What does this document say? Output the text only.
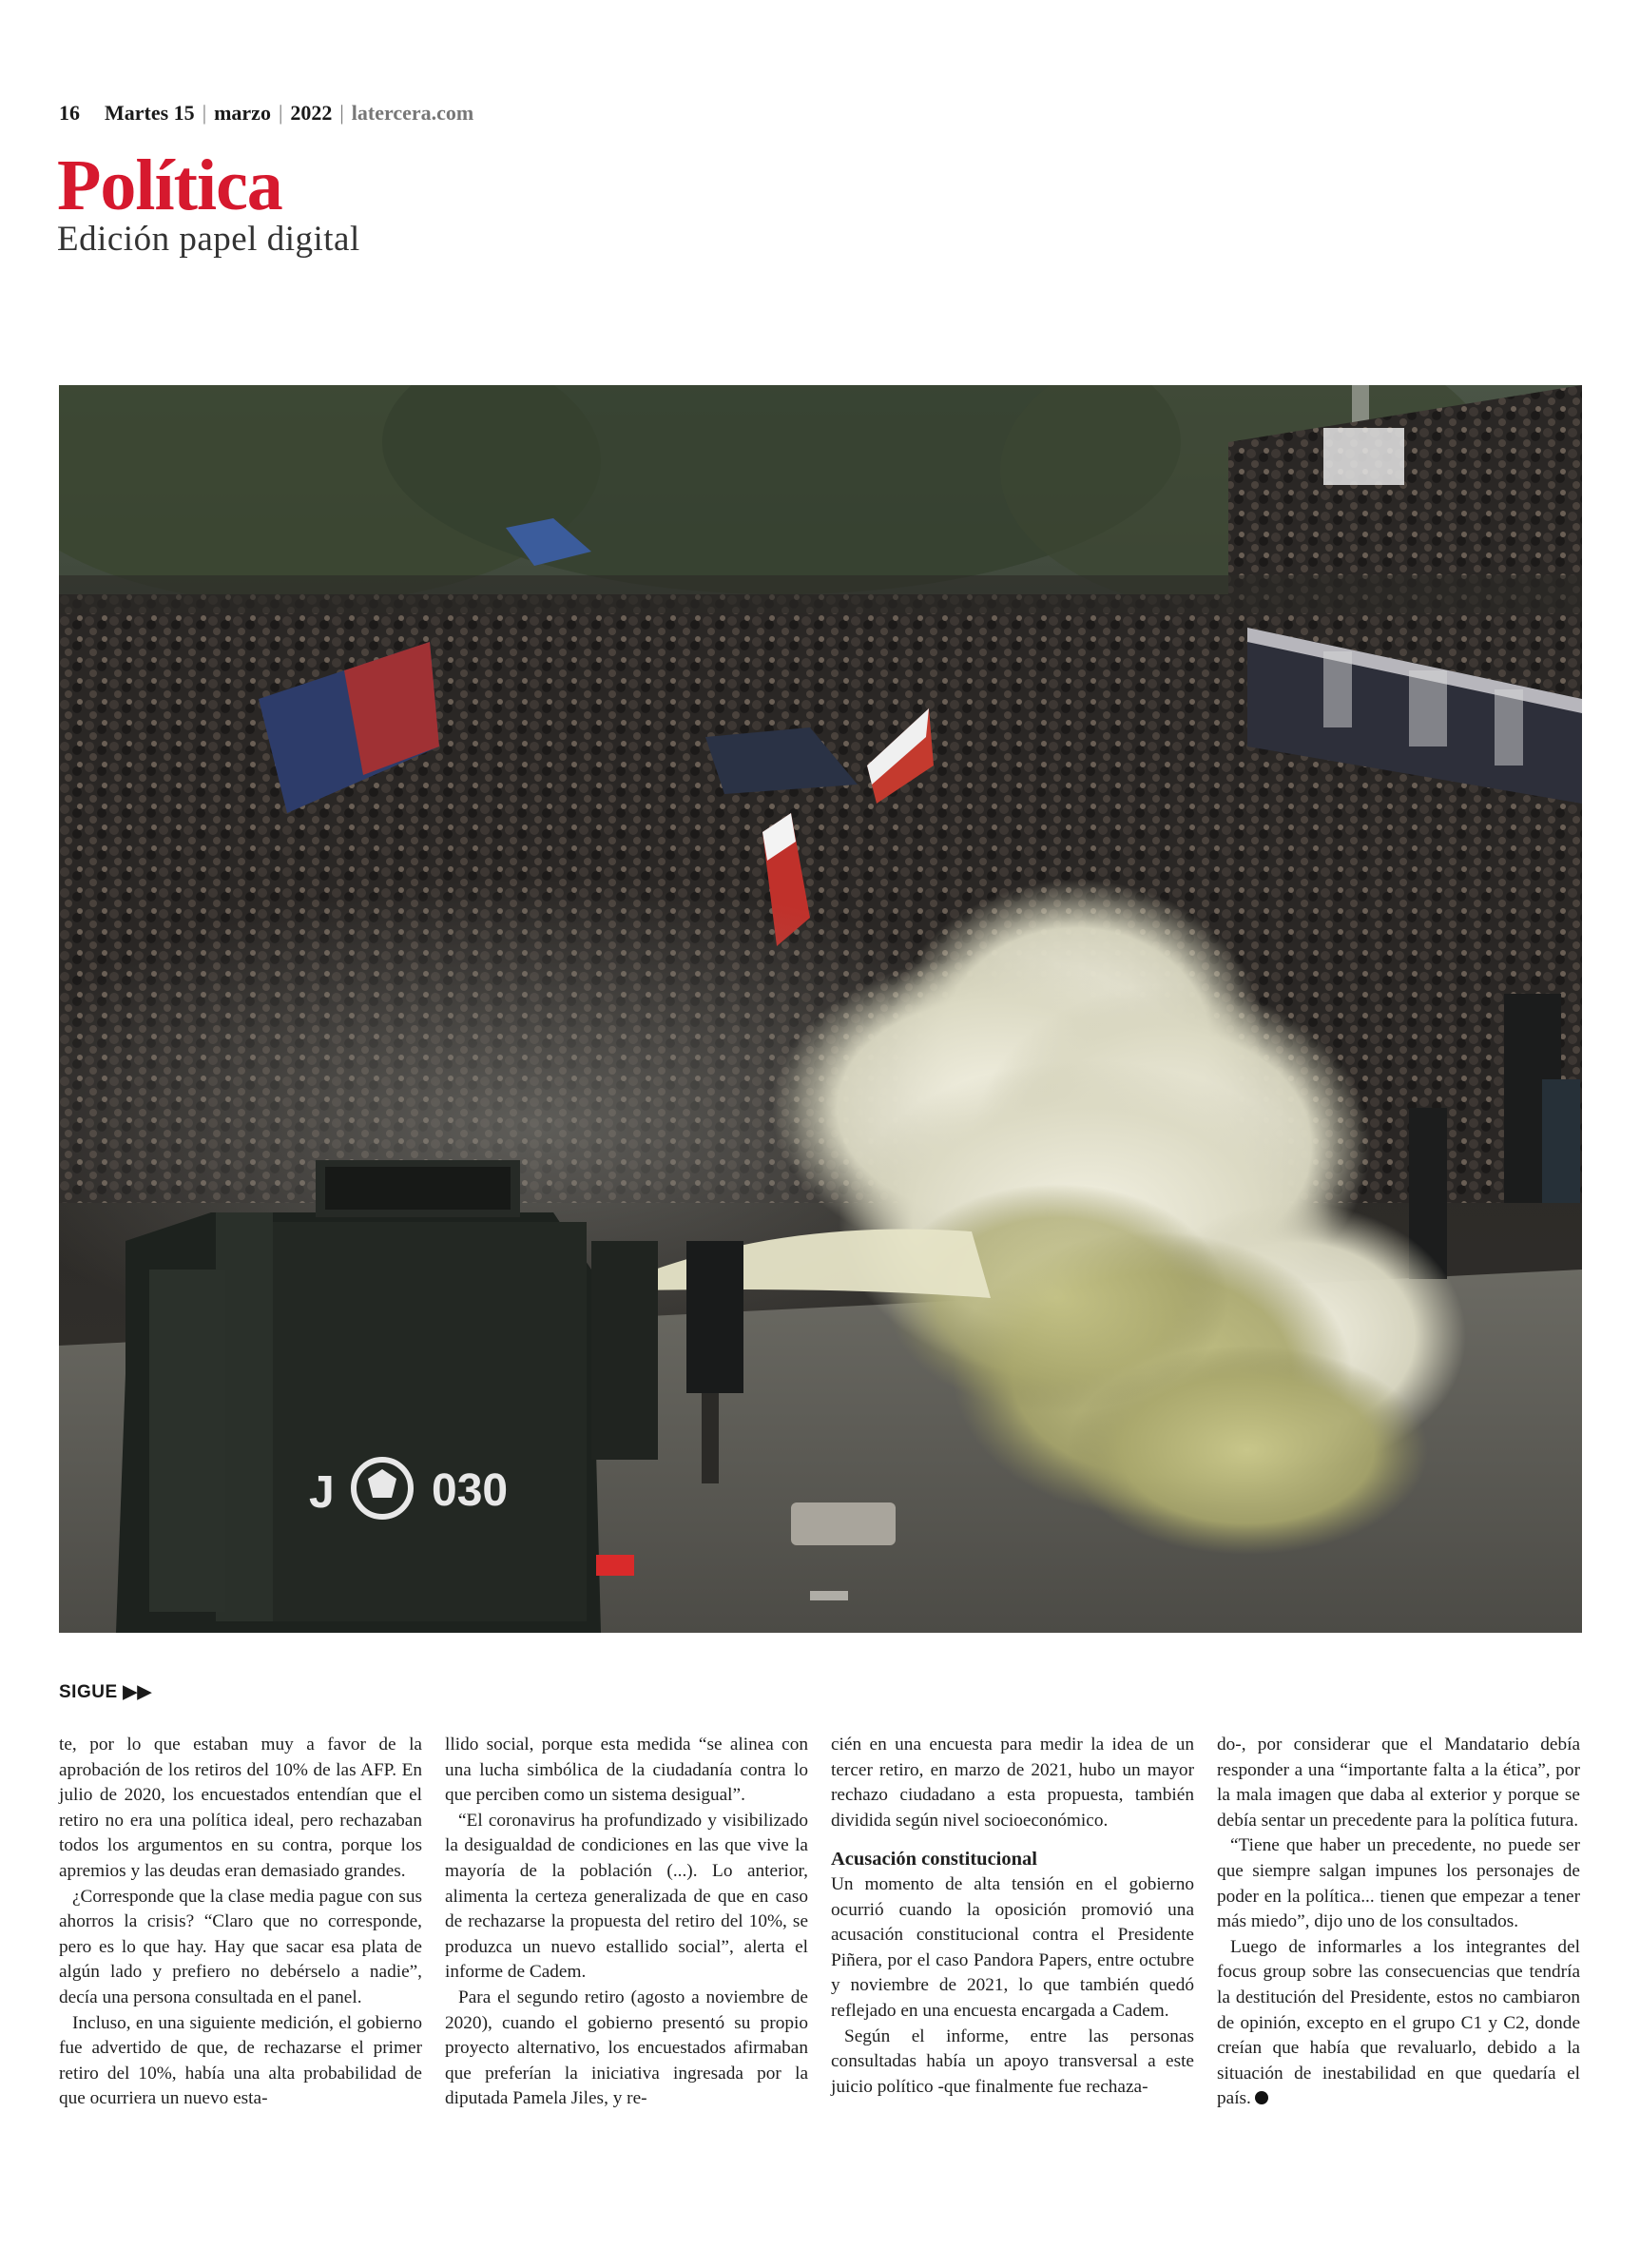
16 Martes 15 | marzo | 2022 | latercera.com
Política
Edición papel digital
J 030
SIGUE ▶▶

te, por lo que estaban muy a favor de la aprobación de los retiros del 10% de las AFP. En julio de 2020, los encuestados entendían que el retiro no era una política ideal, pero rechazaban todos los argumentos en su contra, porque los apremios y las deudas eran demasiado grandes.

¿Corresponde que la clase media pague con sus ahorros la crisis? “Claro que no corresponde, pero es lo que hay. Hay que sacar esa plata de algún lado y prefiero no debérselo a nadie”, decía una persona consultada en el panel.

Incluso, en una siguiente medición, el gobierno fue advertido de que, de rechazarse el primer retiro del 10%, había una alta probabilidad de que ocurriera un nuevo esta-

llido social, porque esta medida “se alinea con una lucha simbólica de la ciudadanía contra lo que perciben como un sistema desigual”.

“El coronavirus ha profundizado y visibilizado la desigualdad de condiciones en las que vive la mayoría de la población (...). Lo anterior, alimenta la certeza generalizada de que en caso de rechazarse la propuesta del retiro del 10%, se produzca un nuevo estallido social”, alerta el informe de Cadem.

Para el segundo retiro (agosto a noviembre de 2020), cuando el gobierno presentó su propio proyecto alternativo, los encuestados afirmaban que preferían la iniciativa ingresada por la diputada Pamela Jiles, y re-

cién en una encuesta para medir la idea de un tercer retiro, en marzo de 2021, hubo un mayor rechazo ciudadano a esta propuesta, también dividida según nivel socioeconómico.

Acusación constitucional

Un momento de alta tensión en el gobierno ocurrió cuando la oposición promovió una acusación constitucional contra el Presidente Piñera, por el caso Pandora Papers, entre octubre y noviembre de 2021, lo que también quedó reflejado en una encuesta encargada a Cadem.

Según el informe, entre las personas consultadas había un apoyo transversal a este juicio político -que finalmente fue rechaza-

do-, por considerar que el Mandatario debía responder a una “importante falta a la ética”, por la mala imagen que daba al exterior y porque se debía sentar un precedente para la política futura.

“Tiene que haber un precedente, no puede ser que siempre salgan impunes los personajes de poder en la política... tienen que empezar a tener más miedo”, dijo uno de los consultados.

Luego de informarles a los integrantes del focus group sobre las consecuencias que tendría la destitución del Presidente, estos no cambiaron de opinión, excepto en el grupo C1 y C2, donde creían que había que revaluarlo, debido a la situación de inestabilidad en que quedaría el país.
